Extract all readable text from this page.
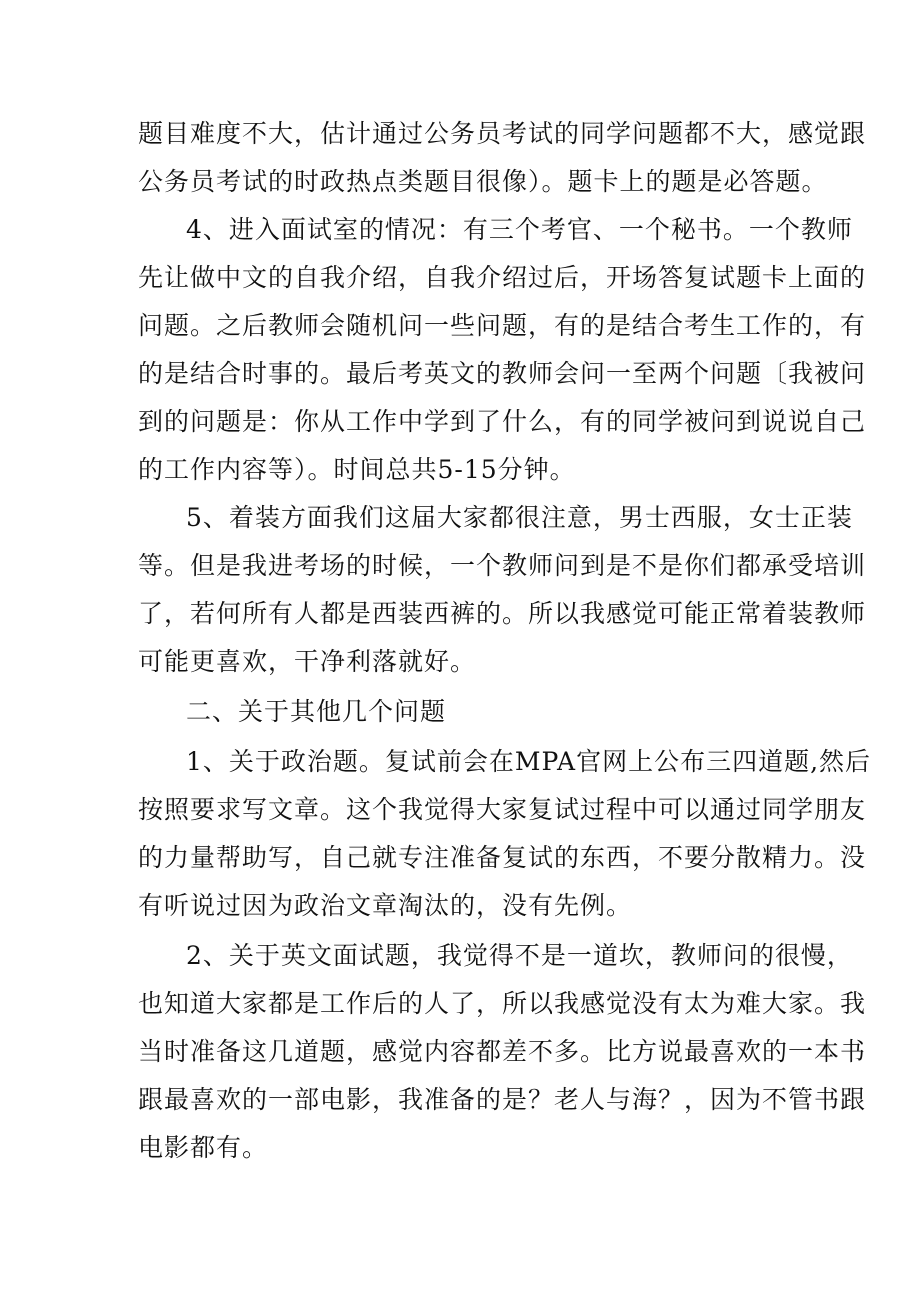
题目难度不大，估计通过公务员考试的同学问题都不大，感觉跟
公务员考试的时政热点类题目很像）。题卡上的题是必答题。
4、进入面试室的情况：有三个考官、一个秘书。一个教师
先让做中文的自我介绍，自我介绍过后，开场答复试题卡上面的
问题。之后教师会随机问一些问题，有的是结合考生工作的，有
的是结合时事的。最后考英文的教师会问一至两个问题〔我被问
到的问题是：你从工作中学到了什么，有的同学被问到说说自己
的工作内容等）。时间总共5-15分钟。
5、着装方面我们这届大家都很注意，男士西服，女士正装
等。但是我进考场的时候，一个教师问到是不是你们都承受培训
了，若何所有人都是西装西裤的。所以我感觉可能正常着装教师
可能更喜欢，干净利落就好。
二、关于其他几个问题
1、关于政治题。复试前会在MPA官网上公布三四道题,然后
按照要求写文章。这个我觉得大家复试过程中可以通过同学朋友
的力量帮助写，自己就专注准备复试的东西，不要分散精力。没
有听说过因为政治文章淘汰的，没有先例。
2、关于英文面试题，我觉得不是一道坎，教师问的很慢，
也知道大家都是工作后的人了，所以我感觉没有太为难大家。我
当时准备这几道题，感觉内容都差不多。比方说最喜欢的一本书
跟最喜欢的一部电影，我准备的是？老人与海？，因为不管书跟
电影都有。
